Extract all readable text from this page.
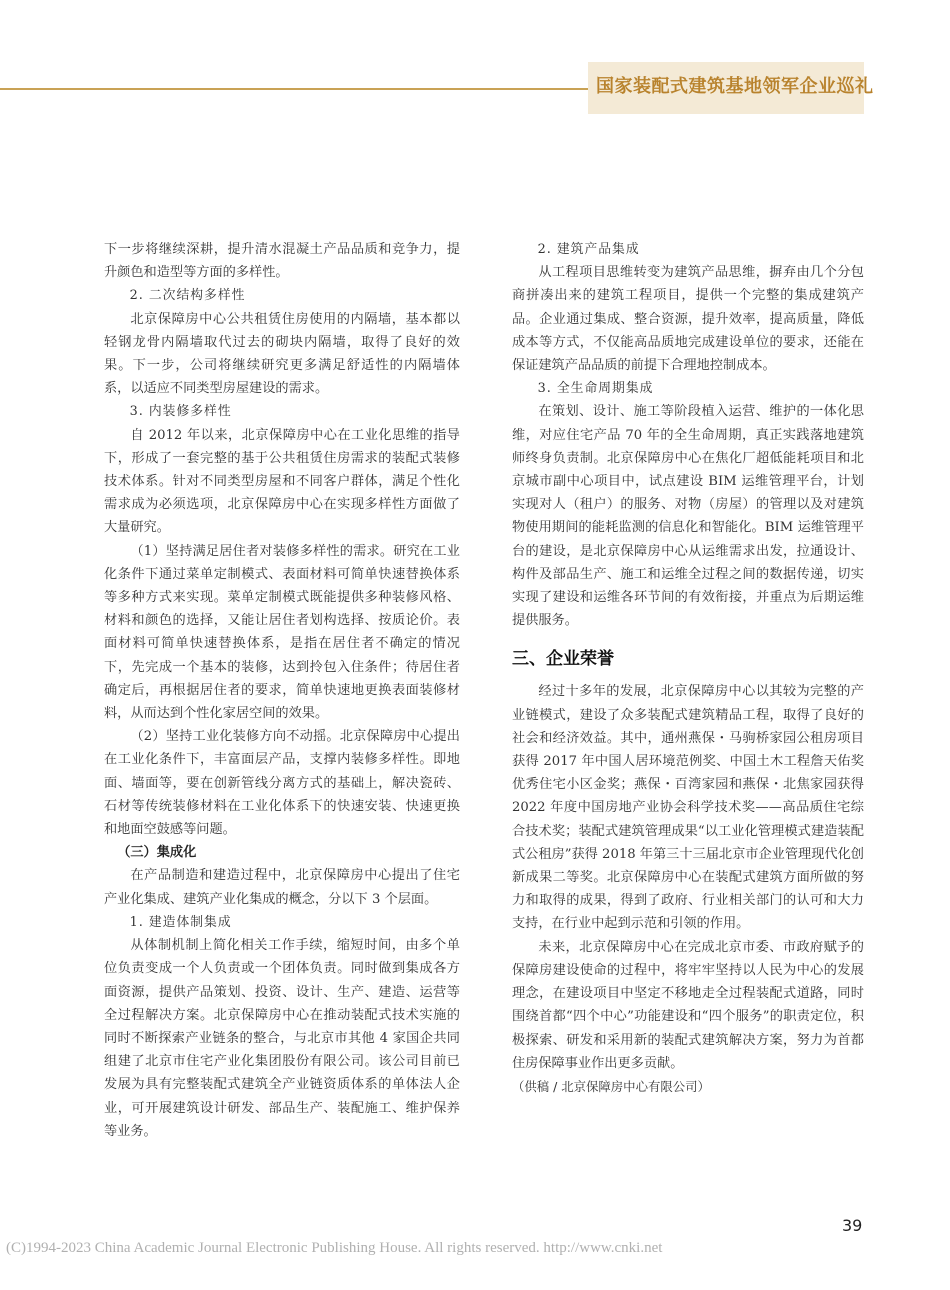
国家装配式建筑基地领军企业巡礼

下一步将继续深耕，提升清水混凝土产品品质和竞争力，提升颜色和造型等方面的多样性。

2. 二次结构多样性

北京保障房中心公共租赁住房使用的内隔墙，基本都以轻钢龙骨内隔墙取代过去的砌块内隔墙，取得了良好的效果。下一步，公司将继续研究更多满足舒适性的内隔墙体系，以适应不同类型房屋建设的需求。

3. 内装修多样性

自 2012 年以来，北京保障房中心在工业化思维的指导下，形成了一套完整的基于公共租赁住房需求的装配式装修技术体系。针对不同类型房屋和不同客户群体，满足个性化需求成为必须选项，北京保障房中心在实现多样性方面做了大量研究。

（1）坚持满足居住者对装修多样性的需求。研究在工业化条件下通过菜单定制模式、表面材料可简单快速替换体系等多种方式来实现。菜单定制模式既能提供多种装修风格、材料和颜色的选择，又能让居住者划构选择、按质论价。表面材料可简单快速替换体系，是指在居住者不确定的情况下，先完成一个基本的装修，达到拎包入住条件；待居住者确定后，再根据居住者的要求，简单快速地更换表面装修材料，从而达到个性化家居空间的效果。

（2）坚持工业化装修方向不动摇。北京保障房中心提出在工业化条件下，丰富面层产品，支撑内装修多样性。即地面、墙面等，要在创新管线分离方式的基础上，解决瓷砖、石材等传统装修材料在工业化体系下的快速安装、快速更换和地面空鼓感等问题。

（三）集成化

在产品制造和建造过程中，北京保障房中心提出了住宅产业化集成、建筑产业化集成的概念，分以下 3 个层面。

1. 建造体制集成

从体制机制上简化相关工作手续，缩短时间，由多个单位负责变成一个人负责或一个团体负责。同时做到集成各方面资源，提供产品策划、投资、设计、生产、建造、运营等全过程解决方案。北京保障房中心在推动装配式技术实施的同时不断探索产业链条的整合，与北京市其他 4 家国企共同组建了北京市住宅产业化集团股份有限公司。该公司目前已发展为具有完整装配式建筑全产业链资质体系的单体法人企业，可开展建筑设计研发、部品生产、装配施工、维护保养等业务。

2. 建筑产品集成

从工程项目思维转变为建筑产品思维，摒弃由几个分包商拼凑出来的建筑工程项目，提供一个完整的集成建筑产品。企业通过集成、整合资源，提升效率，提高质量，降低成本等方式，不仅能高品质地完成建设单位的要求，还能在保证建筑产品品质的前提下合理地控制成本。

3. 全生命周期集成

在策划、设计、施工等阶段植入运营、维护的一体化思维，对应住宅产品 70 年的全生命周期，真正实践落地建筑师终身负责制。北京保障房中心在焦化厂超低能耗项目和北京城市副中心项目中，试点建设 BIM 运维管理平台，计划实现对人（租户）的服务、对物（房屋）的管理以及对建筑物使用期间的能耗监测的信息化和智能化。BIM 运维管理平台的建设，是北京保障房中心从运维需求出发，拉通设计、构件及部品生产、施工和运维全过程之间的数据传递，切实实现了建设和运维各环节间的有效衔接，并重点为后期运维提供服务。

三、企业荣誉

经过十多年的发展，北京保障房中心以其较为完整的产业链模式，建设了众多装配式建筑精品工程，取得了良好的社会和经济效益。其中，通州燕保・马驹桥家园公租房项目获得 2017 年中国人居环境范例奖、中国土木工程詹天佑奖优秀住宅小区金奖；燕保・百湾家园和燕保・北焦家园获得 2022 年度中国房地产业协会科学技术奖——高品质住宅综合技术奖；装配式建筑管理成果“以工业化管理模式建造装配式公租房”获得 2018 年第三十三届北京市企业管理现代化创新成果二等奖。北京保障房中心在装配式建筑方面所做的努力和取得的成果，得到了政府、行业相关部门的认可和大力支持，在行业中起到示范和引领的作用。

未来，北京保障房中心在完成北京市委、市政府赋予的保障房建设使命的过程中，将牢牢坚持以人民为中心的发展理念，在建设项目中坚定不移地走全过程装配式道路，同时围绕首都“四个中心”功能建设和“四个服务”的职责定位，积极探索、研发和采用新的装配式建筑解决方案，努力为首都住房保障事业作出更多贡献。

（供稿 / 北京保障房中心有限公司）

39
(C)1994-2023 China Academic Journal Electronic Publishing House. All rights reserved. http://www.cnki.net
